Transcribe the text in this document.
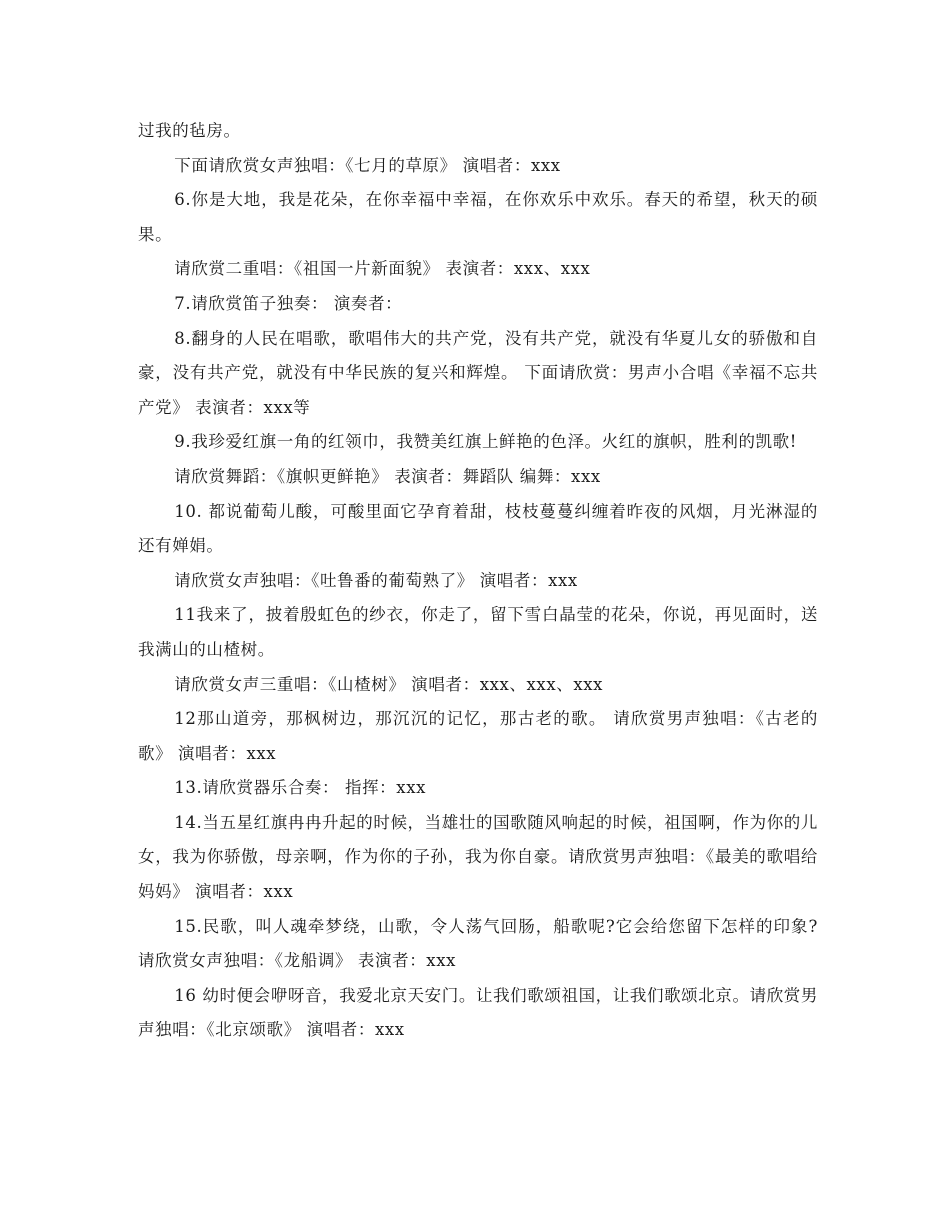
过我的毡房。

下面请欣赏女声独唱：《七月的草原》 演唱者：xxx

6.你是大地，我是花朵，在你幸福中幸福，在你欢乐中欢乐。春天的希望，秋天的硕果。

请欣赏二重唱：《祖国一片新面貌》 表演者：xxx、xxx

7.请欣赏笛子独奏： 演奏者：

8.翻身的人民在唱歌，歌唱伟大的共产党，没有共产党，就没有华夏儿女的骄傲和自豪，没有共产党，就没有中华民族的复兴和辉煌。 下面请欣赏：男声小合唱《幸福不忘共产党》 表演者：xxx等

9.我珍爱红旗一角的红领巾，我赞美红旗上鲜艳的色泽。火红的旗帜，胜利的凯歌!

请欣赏舞蹈：《旗帜更鲜艳》 表演者：舞蹈队 编舞：xxx

10. 都说葡萄儿酸，可酸里面它孕育着甜，枝枝蔓蔓纠缠着昨夜的风烟，月光淋湿的还有婵娟。

请欣赏女声独唱：《吐鲁番的葡萄熟了》 演唱者：xxx

11我来了，披着殷虹色的纱衣，你走了，留下雪白晶莹的花朵，你说，再见面时，送我满山的山楂树。

请欣赏女声三重唱：《山楂树》 演唱者：xxx、xxx、xxx

12那山道旁，那枫树边，那沉沉的记忆，那古老的歌。 请欣赏男声独唱：《古老的歌》 演唱者：xxx

13.请欣赏器乐合奏： 指挥：xxx

14.当五星红旗冉冉升起的时候，当雄壮的国歌随风响起的时候，祖国啊，作为你的儿女，我为你骄傲，母亲啊，作为你的子孙，我为你自豪。请欣赏男声独唱：《最美的歌唱给妈妈》 演唱者：xxx

15.民歌，叫人魂牵梦绕，山歌，令人荡气回肠，船歌呢?它会给您留下怎样的印象?请欣赏女声独唱：《龙船调》 表演者：xxx

16 幼时便会咿呀音，我爱北京天安门。让我们歌颂祖国，让我们歌颂北京。请欣赏男声独唱：《北京颂歌》 演唱者：xxx
